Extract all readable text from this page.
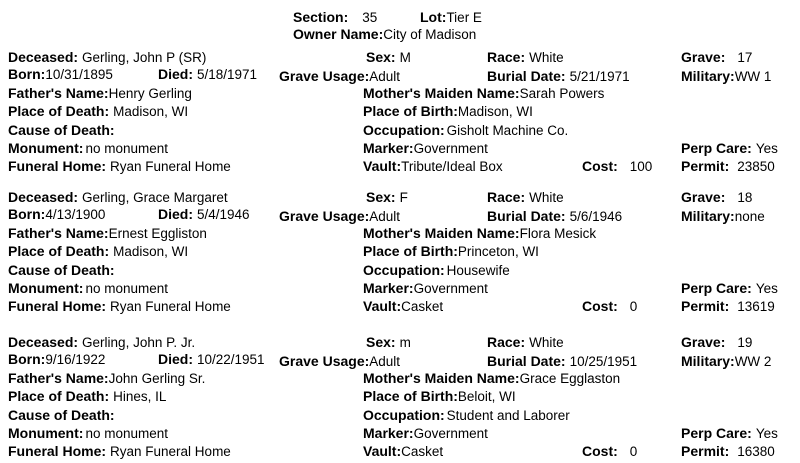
Section: 35	Lot:Tier E
Owner Name:City of Madison
Deceased: Gerling, John P (SR)
Born:10/31/1895	Died: 5/18/1971
Father's Name:Henry Gerling
Place of Death: Madison, WI
Cause of Death:
Monument: no monument
Funeral Home: Ryan Funeral Home
Sex: M
Grave Usage:Adult
Mother's Maiden Name:Sarah Powers
Place of Birth:Madison, WI
Occupation: Gisholt Machine Co.
Marker:Government
Vault:Tribute/Ideal Box
Race: White
Burial Date: 5/21/1971
Cost: 100
Grave: 17
Military:WW 1
Perp Care: Yes
Permit: 23850
Deceased: Gerling, Grace Margaret
Born:4/13/1900	Died: 5/4/1946
Father's Name:Ernest Eggliston
Place of Death: Madison, WI
Cause of Death:
Monument: no monument
Funeral Home: Ryan Funeral Home
Sex: F
Grave Usage:Adult
Mother's Maiden Name:Flora Mesick
Place of Birth:Princeton, WI
Occupation: Housewife
Marker:Government
Vault:Casket
Race: White
Burial Date: 5/6/1946
Cost: 0
Grave: 18
Military:none
Perp Care: Yes
Permit: 13619
Deceased: Gerling, John P. Jr.
Born:9/16/1922	Died: 10/22/1951
Father's Name:John Gerling Sr.
Place of Death: Hines, IL
Cause of Death:
Monument: no monument
Funeral Home: Ryan Funeral Home
Sex: m
Grave Usage:Adult
Mother's Maiden Name:Grace Egglaston
Place of Birth:Beloit, WI
Occupation: Student and Laborer
Marker:Government
Vault:Casket
Race: White
Burial Date: 10/25/1951
Cost: 0
Grave: 19
Military:WW 2
Perp Care: Yes
Permit: 16380
